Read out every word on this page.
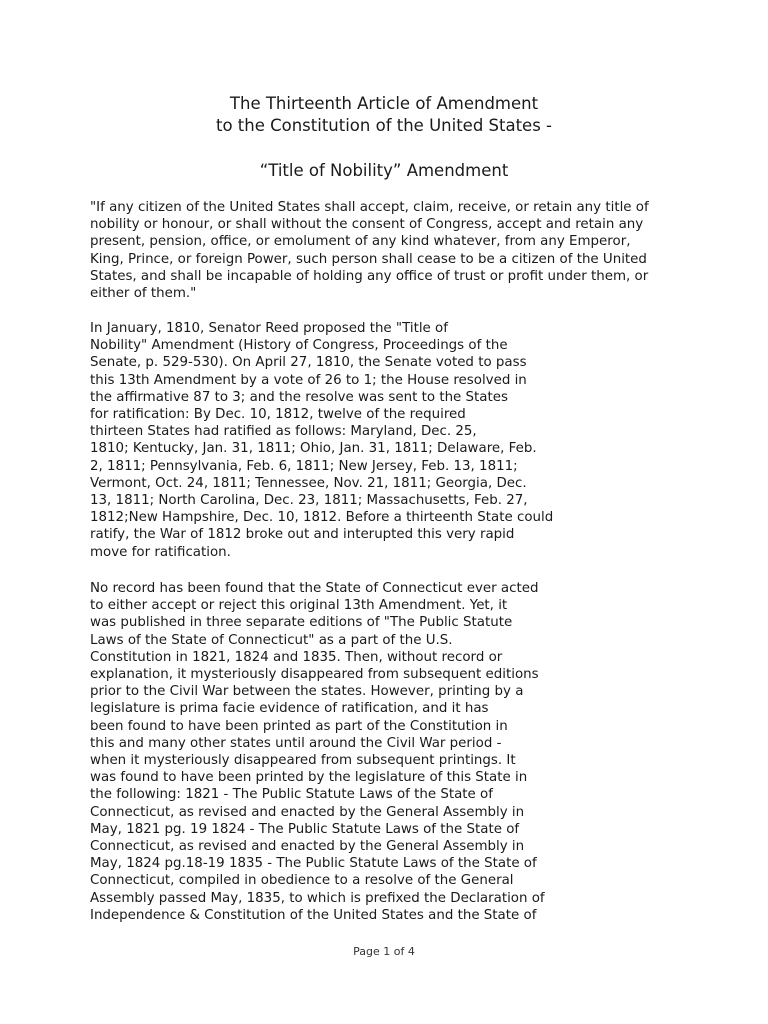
The Thirteenth Article of Amendment
to the Constitution of the United States -
“Title of Nobility” Amendment
"If any citizen of the United States shall accept, claim, receive, or retain any title of
nobility or honour, or shall without the consent of Congress, accept and retain any
present, pension, office, or emolument of any kind whatever, from any Emperor,
King, Prince, or foreign Power, such person shall cease to be a citizen of the United
States, and shall be incapable of holding any office of trust or profit under them, or
either of them."
In January, 1810, Senator Reed proposed the "Title of
Nobility" Amendment (History of Congress, Proceedings of the
Senate, p. 529-530). On April 27, 1810, the Senate voted to pass
this 13th Amendment by a vote of 26 to 1; the House resolved in
the affirmative 87 to 3; and the resolve was sent to the States
for ratification: By Dec. 10, 1812, twelve of the required
thirteen States had ratified as follows: Maryland, Dec. 25,
1810; Kentucky, Jan. 31, 1811; Ohio, Jan. 31, 1811; Delaware, Feb.
2, 1811; Pennsylvania, Feb. 6, 1811; New Jersey, Feb. 13, 1811;
Vermont, Oct. 24, 1811; Tennessee, Nov. 21, 1811; Georgia, Dec.
13, 1811; North Carolina, Dec. 23, 1811; Massachusetts, Feb. 27,
1812;New Hampshire, Dec. 10, 1812. Before a thirteenth State could
ratify, the War of 1812 broke out and interupted this very rapid
move for ratification.
No record has been found that the State of Connecticut ever acted
to either accept or reject this original 13th Amendment. Yet, it
was published in three separate editions of "The Public Statute
Laws of the State of Connecticut" as a part of the U.S.
Constitution in 1821, 1824 and 1835. Then, without record or
explanation, it mysteriously disappeared from subsequent editions
prior to the Civil War between the states. However, printing by a
legislature is prima facie evidence of ratification, and it has
been found to have been printed as part of the Constitution in
this and many other states until around the Civil War period -
when it mysteriously disappeared from subsequent printings. It
was found to have been printed by the legislature of this State in
the following: 1821 - The Public Statute Laws of the State of
Connecticut, as revised and enacted by the General Assembly in
May, 1821 pg. 19 1824 - The Public Statute Laws of the State of
Connecticut, as revised and enacted by the General Assembly in
May, 1824 pg.18-19 1835 - The Public Statute Laws of the State of
Connecticut, compiled in obedience to a resolve of the General
Assembly passed May, 1835, to which is prefixed the Declaration of
Independence & Constitution of the United States and the State of
Page 1 of 4
